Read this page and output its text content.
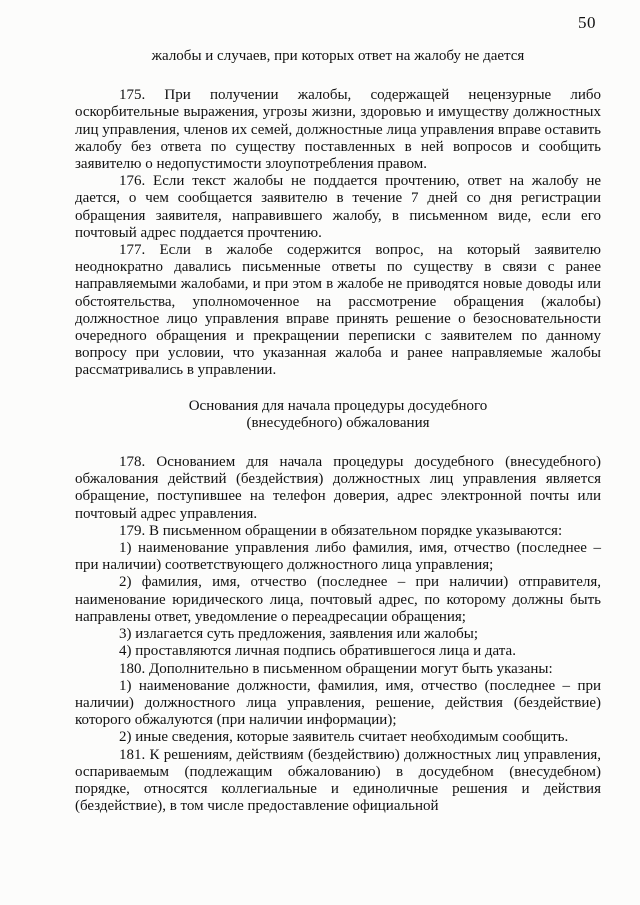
50

жалобы и случаев, при которых ответ на жалобу не дается

175. При получении жалобы, содержащей нецензурные либо оскорбительные выражения, угрозы жизни, здоровью и имуществу должностных лиц управления, членов их семей, должностные лица управления вправе оставить жалобу без ответа по существу поставленных в ней вопросов и сообщить заявителю о недопустимости злоупотребления правом.

176. Если текст жалобы не поддается прочтению, ответ на жалобу не дается, о чем сообщается заявителю в течение 7 дней со дня регистрации обращения заявителя, направившего жалобу, в письменном виде, если его почтовый адрес поддается прочтению.

177. Если в жалобе содержится вопрос, на который заявителю неоднократно давались письменные ответы по существу в связи с ранее направляемыми жалобами, и при этом в жалобе не приводятся новые доводы или обстоятельства, уполномоченное на рассмотрение обращения (жалобы) должностное лицо управления вправе принять решение о безосновательности очередного обращения и прекращении переписки с заявителем по данному вопросу при условии, что указанная жалоба и ранее направляемые жалобы рассматривались в управлении.

Основания для начала процедуры досудебного

(внесудебного) обжалования

178. Основанием для начала процедуры досудебного (внесудебного) обжалования действий (бездействия) должностных лиц управления является обращение, поступившее на телефон доверия, адрес электронной почты или почтовый адрес управления.

179. В письменном обращении в обязательном порядке указываются:

1) наименование управления либо фамилия, имя, отчество (последнее – при наличии) соответствующего должностного лица управления;

2) фамилия, имя, отчество (последнее – при наличии) отправителя, наименование юридического лица, почтовый адрес, по которому должны быть направлены ответ, уведомление о переадресации обращения;

3) излагается суть предложения, заявления или жалобы;

4) проставляются личная подпись обратившегося лица и дата.

180. Дополнительно в письменном обращении могут быть указаны:

1) наименование должности, фамилия, имя, отчество (последнее – при наличии) должностного лица управления, решение, действия (бездействие) которого обжалуются (при наличии информации);

2) иные сведения, которые заявитель считает необходимым сообщить.

181. К решениям, действиям (бездействию) должностных лиц управления, оспариваемым (подлежащим обжалованию) в досудебном (внесудебном) порядке, относятся коллегиальные и единоличные решения и действия (бездействие), в том числе предоставление официальной
